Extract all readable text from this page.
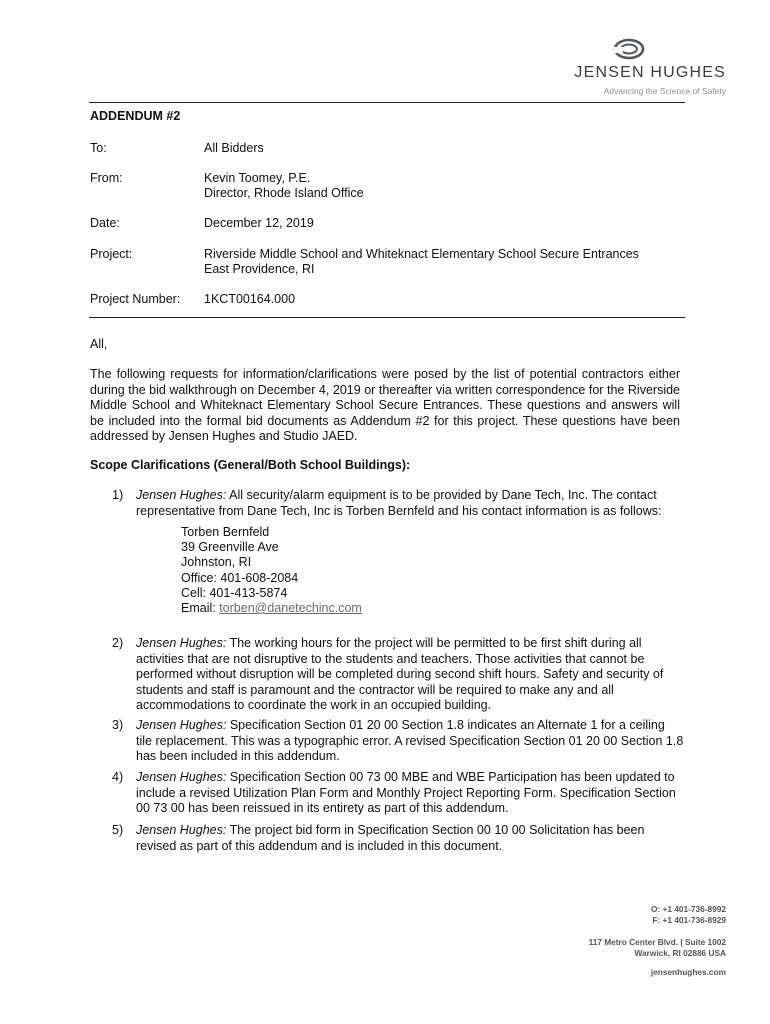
JENSEN HUGHES
Advancing the Science of Safety
ADDENDUM #2
To:	All Bidders
From:	Kevin Toomey, P.E.
Director, Rhode Island Office
Date:	December 12, 2019
Project:	Riverside Middle School and Whiteknact Elementary School Secure Entrances
East Providence, RI
Project Number:	1KCT00164.000
All,
The following requests for information/clarifications were posed by the list of potential contractors either during the bid walkthrough on December 4, 2019 or thereafter via written correspondence for the Riverside Middle School and Whiteknact Elementary School Secure Entrances. These questions and answers will be included into the formal bid documents as Addendum #2 for this project. These questions have been addressed by Jensen Hughes and Studio JAED.
Scope Clarifications (General/Both School Buildings):
1) Jensen Hughes: All security/alarm equipment is to be provided by Dane Tech, Inc. The contact representative from Dane Tech, Inc is Torben Bernfeld and his contact information is as follows:
Torben Bernfeld
39 Greenville Ave
Johnston, RI
Office: 401-608-2084
Cell: 401-413-5874
Email: torben@danetechinc.com
2) Jensen Hughes: The working hours for the project will be permitted to be first shift during all activities that are not disruptive to the students and teachers. Those activities that cannot be performed without disruption will be completed during second shift hours. Safety and security of students and staff is paramount and the contractor will be required to make any and all accommodations to coordinate the work in an occupied building.
3) Jensen Hughes: Specification Section 01 20 00 Section 1.8 indicates an Alternate 1 for a ceiling tile replacement. This was a typographic error. A revised Specification Section 01 20 00 Section 1.8 has been included in this addendum.
4) Jensen Hughes: Specification Section 00 73 00 MBE and WBE Participation has been updated to include a revised Utilization Plan Form and Monthly Project Reporting Form. Specification Section 00 73 00 has been reissued in its entirety as part of this addendum.
5) Jensen Hughes: The project bid form in Specification Section 00 10 00 Solicitation has been revised as part of this addendum and is included in this document.
O: +1 401-736-8992
F: +1 401-736-8929
117 Metro Center Blvd. | Suite 1002
Warwick, RI 02886 USA
jensenhughes.com
